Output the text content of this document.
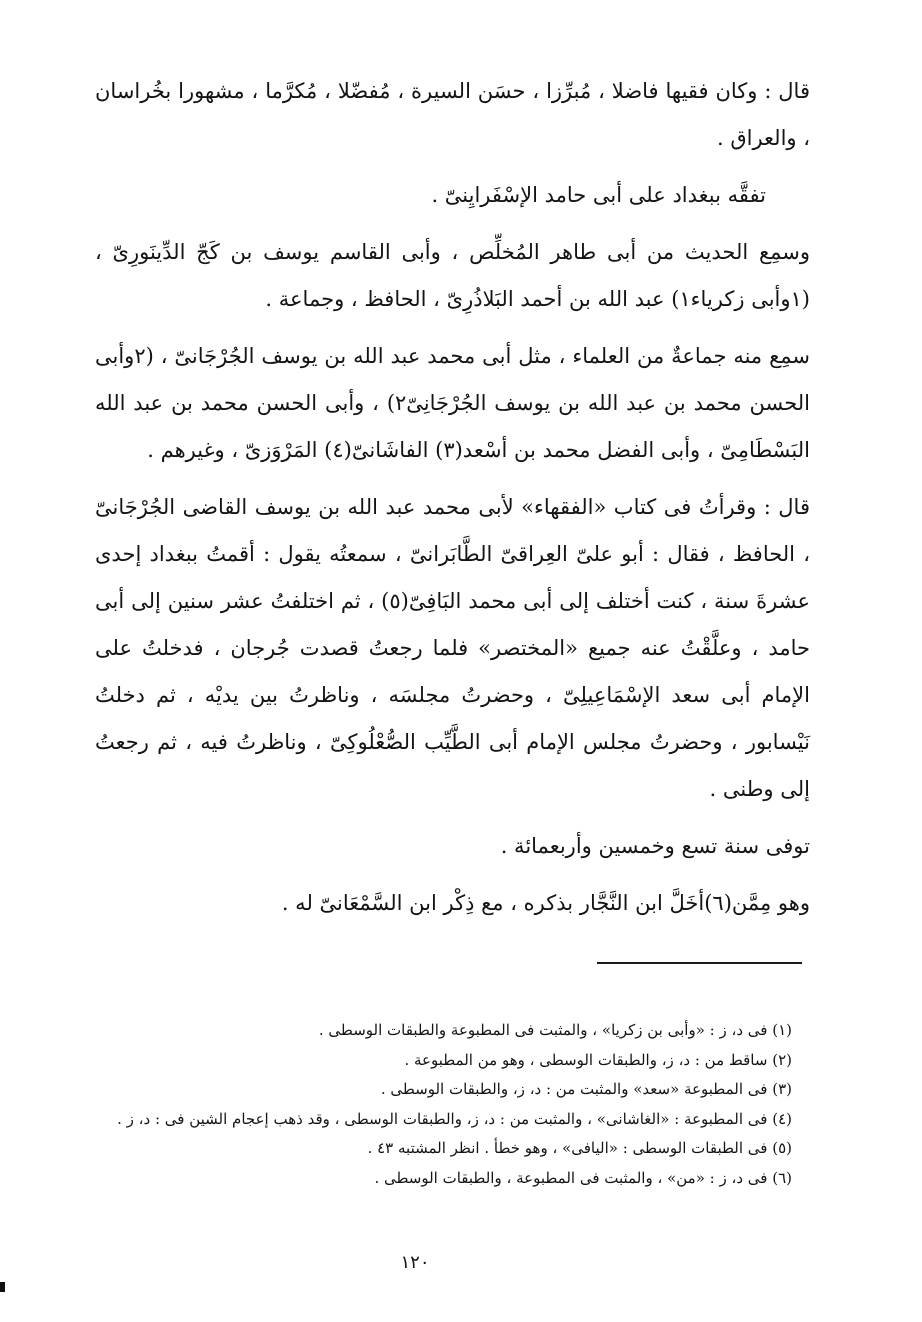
قال : وكان فقيها فاضلا ، مُبرِّزا ، حسَن السيرة ، مُفضّلا ، مُكرَّما ، مشهورا بخُراسان ، والعراق .

تفقَّه ببغداد على أبى حامد الإسْفَرايِنىّ .

وسمِع الحديث من أبى طاهر المُخلِّص ، وأبى القاسم يوسف بن كَجّ الدِّينَورِىّ ، (١وأبى زكرياء١) عبد الله بن أحمد البَلاذُرِىّ ، الحافظ ، وجماعة .

سمِع منه جماعةٌ من العلماء ، مثل أبى محمد عبد الله بن يوسف الجُرْجَانىّ ، (٢وأبى الحسن محمد بن عبد الله بن يوسف الجُرْجَانِىّ٢) ، وأبى الحسن محمد بن عبد الله البَسْطَامِىّ ، وأبى الفضل محمد بن أسْعد(٣) الفاشَانىّ(٤) المَرْوَزىّ ، وغيرهم .

قال : وقرأتُ فى كتاب «الفقهاء» لأبى محمد عبد الله بن يوسف القاضى الجُرْجَانىّ ، الحافظ ، فقال : أبو علىّ العِراقىّ الطَّابَرانىّ ، سمعتُه يقول : أقمتُ ببغداد إحدى عشرةَ سنة ، كنت أختلف إلى أبى محمد البَافِىّ(٥) ، ثم اختلفتُ عشر سنين إلى أبى حامد ، وعلَّقْتُ عنه جميع «المختصر» فلما رجعتُ قصدت جُرجان ، فدخلتُ على الإمام أبى سعد الإسْمَاعِيلِىّ ، وحضرتُ مجلسَه ، وناظرتُ بين يديْه ، ثم دخلتُ نَيْسابور ، وحضرتُ مجلس الإمام أبى الطَّيِّب الصُّعْلُوكِىّ ، وناظرتُ فيه ، ثم رجعتُ إلى وطنى .

توفى سنة تسع وخمسين وأربعمائة .

وهو مِمَّن(٦)أخَلَّ ابن النَّجَّار بذكره ، مع ذِكْر ابن السَّمْعَانىّ له .

(١) فى د، ز : «وأبى بن زكريا» ، والمثبت فى المطبوعة والطبقات الوسطى .

(٢) ساقط من : د، ز، والطبقات الوسطى ، وهو من المطبوعة .

(٣) فى المطبوعة «سعد» والمثبت من : د، ز، والطبقات الوسطى .

(٤) فى المطبوعة : «الغاشانى» ، والمثبت من : د، ز، والطبقات الوسطى ، وقد ذهب إعجام الشين فى : د، ز .

(٥) فى الطبقات الوسطى : «اليافى» ، وهو خطأ . انظر المشتبه ٤٣ .

(٦) فى د، ز : «من» ، والمثبت فى المطبوعة ، والطبقات الوسطى .

١٢٠
